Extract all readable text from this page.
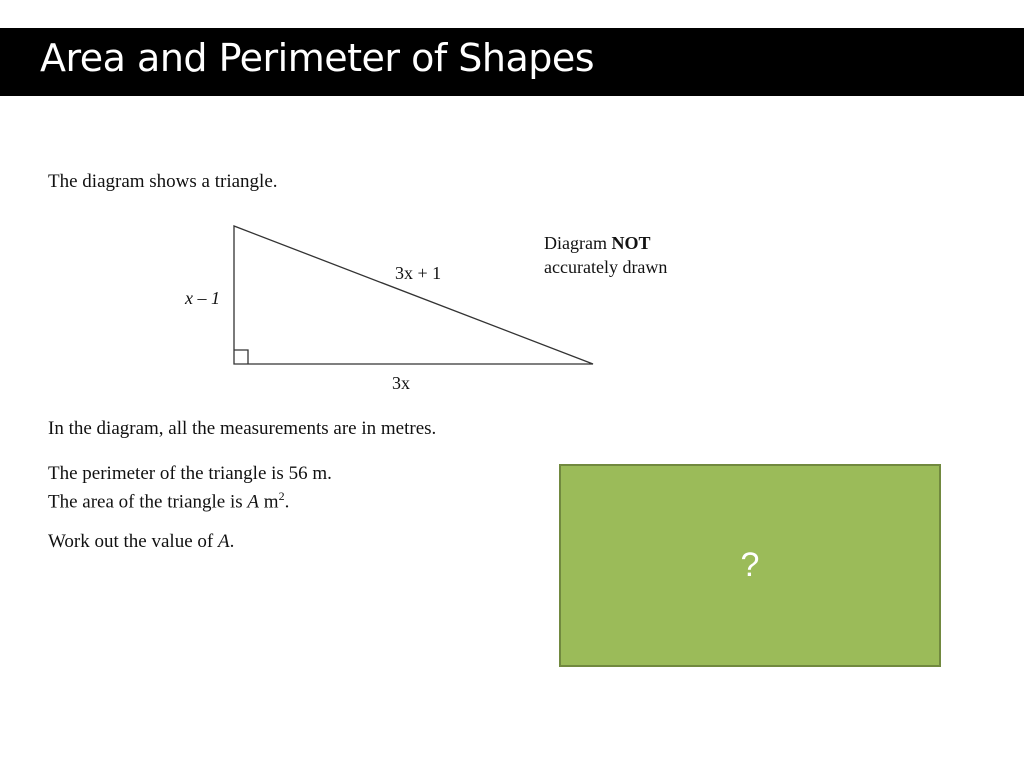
Area and Perimeter of Shapes
The diagram shows a triangle.
x – 1
3x + 1
3x
Diagram NOT
accurately drawn
In the diagram, all the measurements are in metres.
The perimeter of the triangle is 56 m.
The area of the triangle is A $m^2$.
Work out the value of A.
?
